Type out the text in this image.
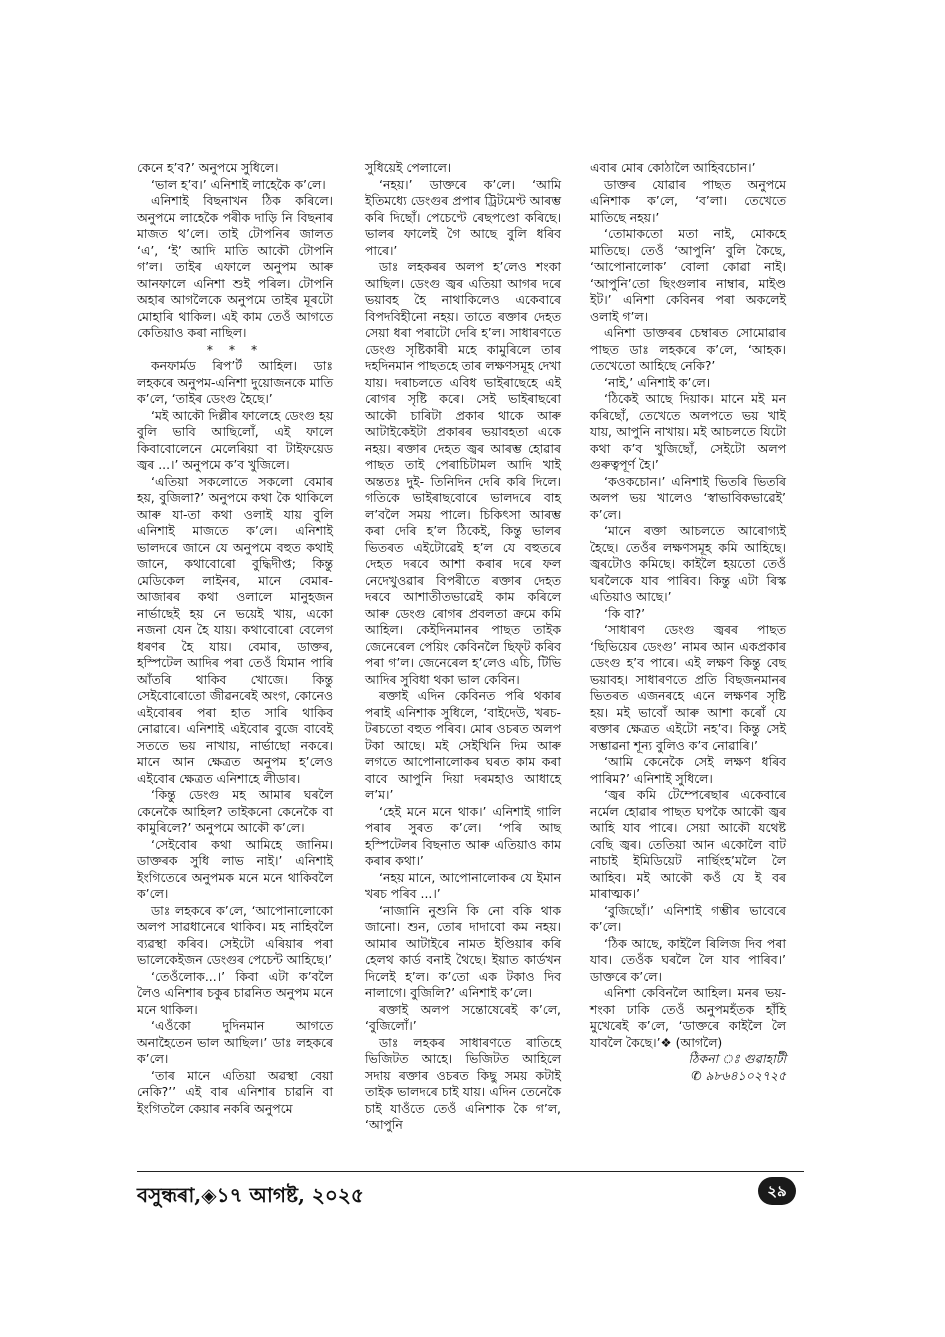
কেনে হ’ব?’ অনুপমে সুধিলে।

‘ভাল হ’ব।’ এনিশাই লাহেকৈ ক’লে।

এনিশাই বিছনাখন ঠিক কৰিলে। অনুপমে লাহেকৈ পৰীক দাড়ি নি বিছনাৰ মাজত থ’লে। তাই টোপনিৰ জালত ‘এ’, ‘ই’ আদি মাতি আকৌ টোপনি গ’ল। তাইৰ এফালে অনুপম আৰু আনফালে এনিশা শুই পৰিল। টোপনি অহাৰ আগলৈকে অনুপমে তাইৰ মূৰটো মোহাৰি থাকিল। এই কাম তেওঁ আগতে কেতিয়াও কৰা নাছিল।

* * *

কনফাৰ্মড ৰিপ’ৰ্ট আহিল। ডাঃ লহকৰে অনুপম-এনিশা দুয়োজনকে মাতি ক’লে, ‘তাইৰ ডেংগু হৈছে।’

‘মই আকৌ দিল্লীৰ ফালেহে ডেংগু হয় বুলি ভাবি আছিলোঁ, এই ফালে কিবাবোলেনে মেলেৰিয়া বা টাইফয়েড জ্বৰ ...।’ অনুপমে ক’ব খুজিলে।

‘এতিয়া সকলোতে সকলো বেমাৰ হয়, বুজিলা?’ অনুপমে কথা কৈ থাকিলে আৰু যা-তা কথা ওলাই যায় বুলি এনিশাই মাজতে ক’লে। এনিশাই ভালদৰে জানে যে অনুপমে বহুত কথাই জানে, কথাবোৰো বুদ্ধিদীপ্ত; কিন্তু মেডিকেল লাইনৰ, মানে বেমাৰ-আজাৰৰ কথা ওলালে মানুহজন নাৰ্ভাছেই হয় নে ভয়েই খায়, একো নজনা যেন হৈ যায়। কথাবোৰো বেলেগ ধৰণৰ হৈ যায়। বেমাৰ, ডাক্তৰ, হস্পিটেল আদিৰ পৰা তেওঁ যিমান পাৰি আঁতৰি থাকিব খোজে। কিন্তু সেইবোৰোতো জীৱনৰেই অংগ, কোনেও এইবোৰৰ পৰা হাত সাৰি থাকিব নোৱাৰে। এনিশাই এইবোৰ বুজে বাবেই সততে ভয় নাখায়, নাৰ্ভাছো নকৰে। মানে আন ক্ষেত্ৰত অনুপম হ’লেও এইবোৰ ক্ষেত্ৰত এনিশাহে লীডাৰ।

‘কিন্তু ডেংগু মহ আমাৰ ঘৰলৈ কেনেকৈ আহিল? তাইকনো কেনেকৈ বা কামুৰিলে?’ অনুপমে আকৌ ক’লে।

‘সেইবোৰ কথা আমিহে জানিম। ডাক্তৰক সুধি লাভ নাই।’ এনিশাই ইংগিতেৰে অনুপমক মনে মনে থাকিবলৈ ক’লে।

ডাঃ লহকৰে ক’লে, ‘আপোনালোকো অলপ সাৱধানেৰে থাকিব। মহ নাহিবলৈ ব্যৱস্থা কৰিব। সেইটো এৰিয়াৰ পৰা ভালেকেইজন ডেংগুৰ পেচেন্ট আহিছে।’

‘তেওঁলোক...।’ কিবা এটা ক’বলৈ লৈও এনিশাৰ চকুৰ চাৱনিত অনুপম মনে মনে থাকিল।

‘এওঁকো দুদিনমান আগতে অনাহৈতেন ভাল আছিল।’ ডাঃ লহকৰে ক’লে।

‘তাৰ মানে এতিয়া অৱস্থা বেয়া নেকি?’’ এই বাৰ এনিশাৰ চাৱনি বা ইংগিতলৈ কেয়াৰ নকৰি অনুপমে

সুধিয়েই পেলালে।

‘নহয়।’ ডাক্তৰে ক’লে। ‘আমি ইতিমধ্যে ডেংগুৰ প্ৰপাৰ ট্ৰিটমেণ্ট আৰম্ভ কৰি দিছোঁ। পেচেণ্টে ৰেছপণ্ডো কৰিছে। ভালৰ ফালেই গৈ আছে বুলি ধৰিব পাৰে।’

ডাঃ লহকৰৰ অলপ হ’লেও শংকা আছিল। ডেংগু জ্বৰ এতিয়া আগৰ দৰে ভয়াবহ হৈ নাথাকিলেও একেবাৰে বিপদবিহীনো নহয়। তাতে ৰক্তাৰ দেহত সেয়া ধৰা পৰাটো দেৰি হ’ল। সাধাৰণতে ডেংগু সৃষ্টিকাৰী মহে কামুৰিলে তাৰ দহদিনমান পাছতহে তাৰ লক্ষণসমূহ দেখা যায়। দৰাচলতে এবিধ ভাইৰাছেহে এই ৰোগৰ সৃষ্টি কৰে। সেই ভাইৰাছৰো আকৌ চাৰিটা প্ৰকাৰ থাকে আৰু আটাইকেইটা প্ৰকাৰৰ ভয়াবহতা একে নহয়। ৰক্তাৰ দেহত জ্বৰ আৰম্ভ হোৱাৰ পাছত তাই পেৰাচিটামল আদি খাই অন্ততঃ দুই- তিনিদিন দেৰি কৰি দিলে। গতিকে ভাইৰাছবোৰে ভালদৰে বাহ ল’বলৈ সময় পালে। চিকিৎসা আৰম্ভ কৰা দেৰি হ’ল ঠিকেই, কিন্তু ভালৰ ভিতৰত এইটোৱেই হ’ল যে বহুতৰে দেহত দৰবে আশা কৰাৰ দৰে ফল নেদেখুওৱাৰ বিপৰীতে ৰক্তাৰ দেহত দৰবে আশাতীতভাৱেই কাম কৰিলে আৰু ডেংগু ৰোগৰ প্ৰবলতা ক্ৰমে কমি আহিল। কেইদিনমানৰ পাছত তাইক জেনেৰেল পেয়িং কেবিনলৈ ছিফ্‌ট কৰিব পৰা গ’ল। জেনেৰেল হ’লেও এচি, টিভি আদিৰ সুবিধা থকা ভাল কেবিন।

ৰক্তাই এদিন কেবিনত পৰি থকাৰ পৰাই এনিশাক সুধিলে, ‘বাইদেউ, খৰচ-টৰচতো বহুত পৰিব। মোৰ ওচৰত অলপ টকা আছে। মই সেইখিনি দিম আৰু লগতে আপোনালোকৰ ঘৰত কাম কৰা বাবে আপুনি দিয়া দৰমহাও আধাহে ল’ম।’

‘হেই মনে মনে থাক।’ এনিশাই গালি পৰাৰ সুৰত ক’লে। ‘পৰি আছ হস্পিটেলৰ বিছনাত আৰু এতিয়াও কাম কৰাৰ কথা।’

‘নহয় মানে, আপোনালোকৰ যে ইমান খৰচ পৰিব ...।’

‘নাজানি নুশুনি কি নো বকি থাক জানো। শুন, তোৰ দাদাবো কম নহয়। আমাৰ আটাইৰে নামত ইণ্ডিয়াৰ কৰি হেলথ কাৰ্ড বনাই থৈছে। ইয়াত কাৰ্ডখন দিলেই হ’ল। ক’তো এক টকাও দিব নালাগে। বুজিলি?’ এনিশাই ক’লে।

ৰক্তাই অলপ সন্তোষেৰেই ক’লে, ‘বুজিলোঁ।’

ডাঃ লহকৰ সাধাৰণতে ৰাতিহে ভিজিটত আহে। ভিজিটত আহিলে সদায় ৰক্তাৰ ওচৰত কিছু সময় কটাই তাইক ভালদৰে চাই যায়। এদিন তেনেকৈ চাই যাওঁতে তেওঁ এনিশাক কৈ গ’ল, ‘আপুনি

এবাৰ মোৰ কোঠালৈ আহিবচোন।’

ডাক্তৰ যোৱাৰ পাছত অনুপমে এনিশাক ক’লে, ‘ব’লা। তেখেতে মাতিছে নহয়।’

‘তোমাকতো মতা নাই, মোকহে মাতিছে। তেওঁ ‘আপুনি’ বুলি কৈছে, ‘আপোনালোক’ বোলা কোৱা নাই। ‘আপুনি’তো ছিংগুলাৰ নাম্বাৰ, মাইণ্ড ইট।’ এনিশা কেবিনৰ পৰা অকলেই ওলাই গ’ল।

এনিশা ডাক্তৰৰ চেম্বাৰত সোমোৱাৰ পাছত ডাঃ লহকৰে ক’লে, ‘আহক। তেখেতো আহিছে নেকি?’

‘নাই,’ এনিশাই ক’লে।

‘ঠিকেই আছে দিয়াক। মানে মই মন কৰিছোঁ, তেখেতে অলপতে ভয় খাই যায়, আপুনি নাখায়। মই আচলতে যিটো কথা ক’ব খুজিছোঁ, সেইটো অলপ গুৰুত্বপূৰ্ণ হৈ।’

‘কওকচোন।’ এনিশাই ভিতৰি ভিতৰি অলপ ভয় খালেও ‘স্বাভাবিকভাৱেই’ ক’লে।

‘মানে ৰক্তা আচলতে আৰোগ্যই হৈছে। তেওঁৰ লক্ষণসমূহ কমি আহিছে। জ্বৰটোও কমিছে। কাইলৈ হয়তো তেওঁ ঘৰলৈকে যাব পাৰিব। কিন্তু এটা ৰিস্ক এতিয়াও আছে।’

‘কি বা?’

‘সাধাৰণ ডেংগু জ্বৰৰ পাছত ‘ছিভিয়েৰ ডেংগু’ নামৰ আন একপ্ৰকাৰ ডেংগু হ’ব পাৰে। এই লক্ষণ কিন্তু বেছ ভয়াবহ। সাধাৰণতে প্ৰতি বিছজনমানৰ ভিতৰত এজনৰহে এনে লক্ষণৰ সৃষ্টি হয়। মই ভাবোঁ আৰু আশা কৰোঁ যে ৰক্তাৰ ক্ষেত্ৰত এইটো নহ’ব। কিন্তু সেই সম্ভাৱনা শূন্য বুলিও ক’ব নোৱাৰি।’

‘আমি কেনেকৈ সেই লক্ষণ ধৰিব পাৰিম?’ এনিশাই সুধিলে।

‘জ্বৰ কমি টেম্পেৰেছাৰ একেবাৰে নৰ্মেল হোৱাৰ পাছত ঘপকৈ আকৌ জ্বৰ আহি যাব পাৰে। সেয়া আকৌ যথেষ্ট বেছি জ্বৰ। তেতিয়া আন একোলৈ বাট নাচাই ইমিডিয়েট নাৰ্ছিংহ’মলৈ লৈ আহিব। মই আকৌ কওঁ যে ই বৰ মাৰাত্মক।’

‘বুজিছোঁ।’ এনিশাই গম্ভীৰ ভাবেৰে ক’লে।

‘ঠিক আছে, কাইলৈ ৰিলিজ দিব পৰা যাব। তেওঁক ঘৰলৈ লৈ যাব পাৰিব।’ ডাক্তৰে ক’লে।

এনিশা কেবিনলৈ আহিল। মনৰ ভয়-শংকা ঢাকি তেওঁ অনুপমহঁতক হাঁহি মুখেৰেই ক’লে, ‘ডাক্তৰে কাইলৈ লৈ যাবলৈ কৈছে।’❖ (আগলৈ)

ঠিকনা ঃ গুৱাহাটী

✆ ৯৮৬৪১০২৭২৫

বসুন্ধৰা,◈১৭ আগষ্ট, ২০২৫	২৯
